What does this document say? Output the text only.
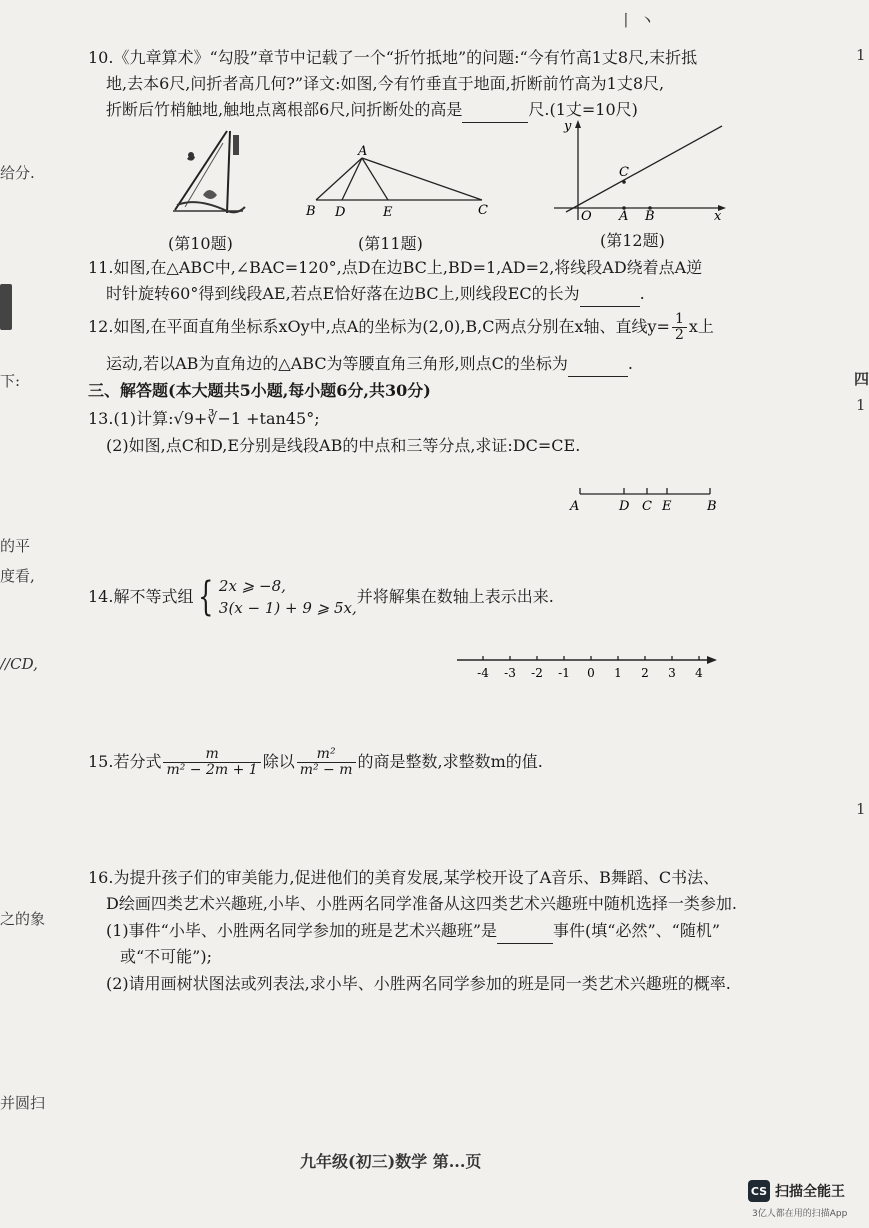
给分.
下:
的平
度看,
//CD,
之的象
并圆扫
1
四
1
1
丨 丶
10.《九章算术》“勾股”章节中记载了一个“折竹抵地”的问题:“今有竹高1丈8尺,末折抵
地,去本6尺,问折者高几何?”译文:如图,今有竹垂直于地面,折断前竹高为1丈8尺,
折断后竹梢触地,触地点离根部6尺,问折断处的高是	尺.(1丈=10尺)
(第10题)
A
B D	E	C
(第11题)
y
C
O A B	x
(第12题)
11.如图,在△ABC中,∠BAC=120°,点D在边BC上,BD=1,AD=2,将线段AD绕着点A逆
时针旋转60°得到线段AE,若点E恰好落在边BC上,则线段EC的长为	.
12.如图,在平面直角坐标系xOy中,点A的坐标为(2,0),B,C两点分别在x轴、直线$y= \frac{1}{2}$ x上
运动,若以AB为直角边的△ABC为等腰直角三角形,则点C的坐标为	.
三、解答题(本大题共5小题,每小题6分,共30分)
13.(1)计算:√9+∛−1 +tan45°;
(2)如图,点C和D,E分别是线段AB的中点和三等分点,求证:DC=CE.
A	D C E	B
14.解不等式组 { 2x ⩾ −8,
3(x − 1) + 9 ⩾ 5x,
并将解集在数轴上表示出来.
-4 -3 -2 -1 0 1 2 3 4
15.若分式 $\frac{m}{\text{m² − 2m + 1}}$ 除以 $\frac{\text{m²}}{\text{m² − m}}$ 的商是整数,求整数m的值.
16.为提升孩子们的审美能力,促进他们的美育发展,某学校开设了A音乐、B舞蹈、C书法、
D绘画四类艺术兴趣班,小毕、小胜两名同学准备从这四类艺术兴趣班中随机选择一类参加.
(1)事件“小毕、小胜两名同学参加的班是艺术兴趣班”是	事件(填“必然”、“随机”
或“不可能”);
(2)请用画树状图法或列表法,求小毕、小胜两名同学参加的班是同一类艺术兴趣班的概率.
九年级(初三)数学 第...页
CS 扫描全能王
3亿人都在用的扫描App
